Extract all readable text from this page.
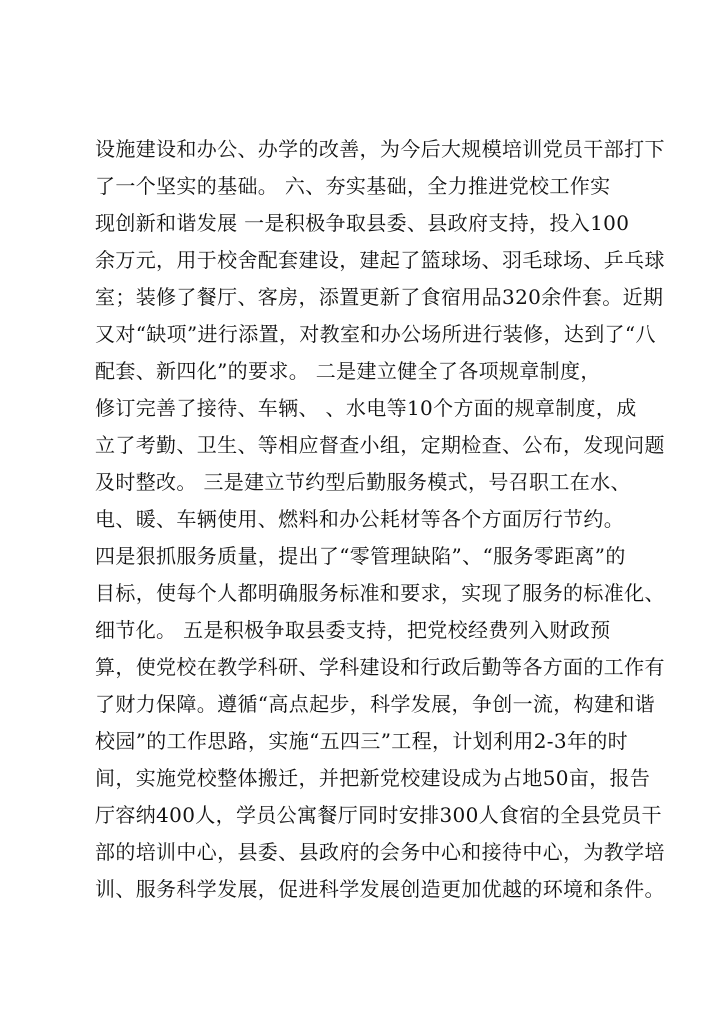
设施建设和办公、办学的改善，为今后大规模培训党员干部打下
了一个坚实的基础。 六、夯实基础，全力推进党校工作实
现创新和谐发展 一是积极争取县委、县政府支持，投入100
余万元，用于校舍配套建设，建起了篮球场、羽毛球场、乒乓球
室；装修了餐厅、客房，添置更新了食宿用品320余件套。近期
又对“缺项”进行添置，对教室和办公场所进行装修，达到了“八
配套、新四化”的要求。 二是建立健全了各项规章制度，
修订完善了接待、车辆、 、水电等10个方面的规章制度，成
立了考勤、卫生、等相应督查小组，定期检查、公布，发现问题
及时整改。 三是建立节约型后勤服务模式，号召职工在水、
电、暖、车辆使用、燃料和办公耗材等各个方面厉行节约。
四是狠抓服务质量，提出了“零管理缺陷”、“服务零距离”的
目标，使每个人都明确服务标准和要求，实现了服务的标准化、
细节化。 五是积极争取县委支持，把党校经费列入财政预
算，使党校在教学科研、学科建设和行政后勤等各方面的工作有
了财力保障。遵循“高点起步，科学发展，争创一流，构建和谐
校园”的工作思路，实施“五四三”工程，计划利用2-3年的时
间，实施党校整体搬迁，并把新党校建设成为占地50亩，报告
厅容纳400人，学员公寓餐厅同时安排300人食宿的全县党员干
部的培训中心，县委、县政府的会务中心和接待中心，为教学培
训、服务科学发展，促进科学发展创造更加优越的环境和条件。
